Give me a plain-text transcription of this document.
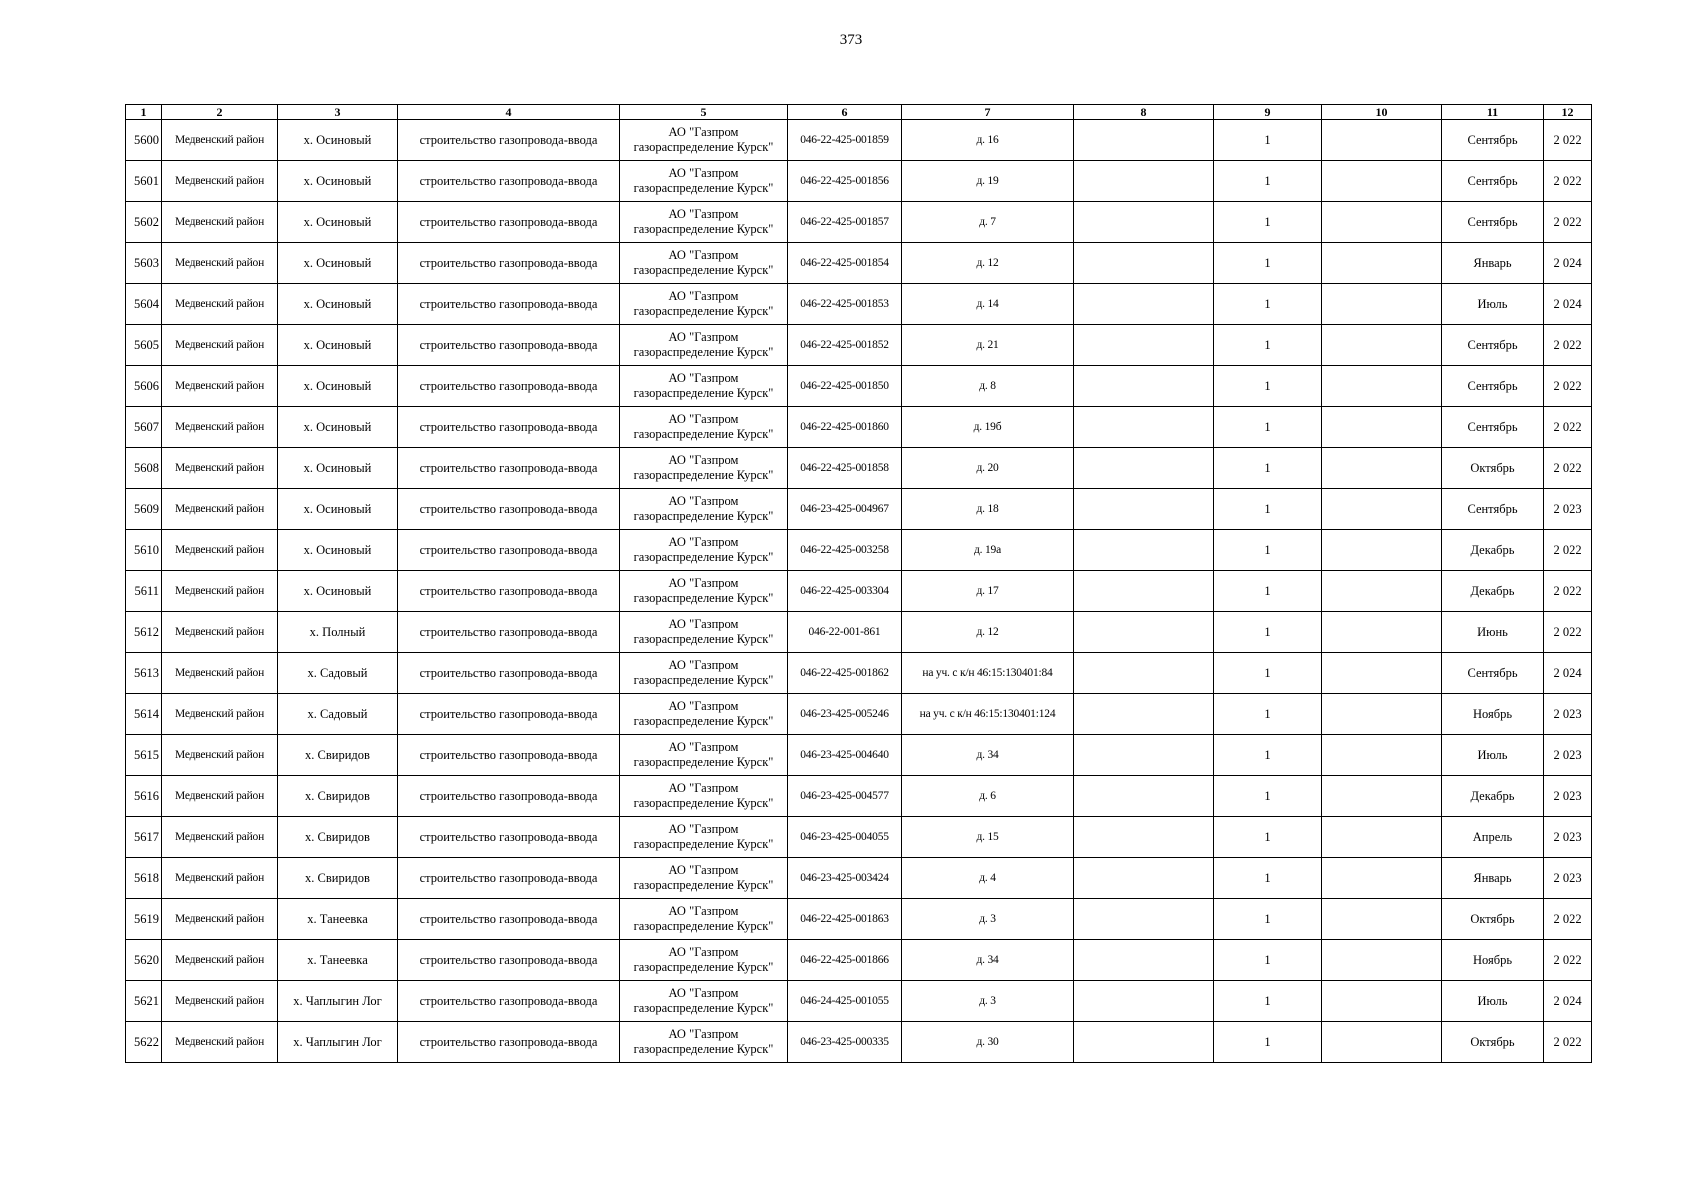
373
1	2	3	4	5	6	7	8	9	10	11	12
5600	Медвенский район	х. Осиновый	строительство газопровода-ввода	АО "Газпром
газораспределение Курск"	046-22-425-001859	д. 16		1		Сентябрь	2 022
5601	Медвенский район	х. Осиновый	строительство газопровода-ввода	АО "Газпром
газораспределение Курск"	046-22-425-001856	д. 19		1		Сентябрь	2 022
5602	Медвенский район	х. Осиновый	строительство газопровода-ввода	АО "Газпром
газораспределение Курск"	046-22-425-001857	д. 7		1		Сентябрь	2 022
5603	Медвенский район	х. Осиновый	строительство газопровода-ввода	АО "Газпром
газораспределение Курск"	046-22-425-001854	д. 12		1		Январь	2 024
5604	Медвенский район	х. Осиновый	строительство газопровода-ввода	АО "Газпром
газораспределение Курск"	046-22-425-001853	д. 14		1		Июль	2 024
5605	Медвенский район	х. Осиновый	строительство газопровода-ввода	АО "Газпром
газораспределение Курск"	046-22-425-001852	д. 21		1		Сентябрь	2 022
5606	Медвенский район	х. Осиновый	строительство газопровода-ввода	АО "Газпром
газораспределение Курск"	046-22-425-001850	д. 8		1		Сентябрь	2 022
5607	Медвенский район	х. Осиновый	строительство газопровода-ввода	АО "Газпром
газораспределение Курск"	046-22-425-001860	д. 19б		1		Сентябрь	2 022
5608	Медвенский район	х. Осиновый	строительство газопровода-ввода	АО "Газпром
газораспределение Курск"	046-22-425-001858	д. 20		1		Октябрь	2 022
5609	Медвенский район	х. Осиновый	строительство газопровода-ввода	АО "Газпром
газораспределение Курск"	046-23-425-004967	д. 18		1		Сентябрь	2 023
5610	Медвенский район	х. Осиновый	строительство газопровода-ввода	АО "Газпром
газораспределение Курск"	046-22-425-003258	д. 19а		1		Декабрь	2 022
5611	Медвенский район	х. Осиновый	строительство газопровода-ввода	АО "Газпром
газораспределение Курск"	046-22-425-003304	д. 17		1		Декабрь	2 022
5612	Медвенский район	х. Полный	строительство газопровода-ввода	АО "Газпром
газораспределение Курск"	046-22-001-861	д. 12		1		Июнь	2 022
5613	Медвенский район	х. Садовый	строительство газопровода-ввода	АО "Газпром
газораспределение Курск"	046-22-425-001862	на уч. с к/н 46:15:130401:84		1		Сентябрь	2 024
5614	Медвенский район	х. Садовый	строительство газопровода-ввода	АО "Газпром
газораспределение Курск"	046-23-425-005246	на уч. с к/н 46:15:130401:124		1		Ноябрь	2 023
5615	Медвенский район	х. Свиридов	строительство газопровода-ввода	АО "Газпром
газораспределение Курск"	046-23-425-004640	д. 34		1		Июль	2 023
5616	Медвенский район	х. Свиридов	строительство газопровода-ввода	АО "Газпром
газораспределение Курск"	046-23-425-004577	д. 6		1		Декабрь	2 023
5617	Медвенский район	х. Свиридов	строительство газопровода-ввода	АО "Газпром
газораспределение Курск"	046-23-425-004055	д. 15		1		Апрель	2 023
5618	Медвенский район	х. Свиридов	строительство газопровода-ввода	АО "Газпром
газораспределение Курск"	046-23-425-003424	д. 4		1		Январь	2 023
5619	Медвенский район	х. Танеевка	строительство газопровода-ввода	АО "Газпром
газораспределение Курск"	046-22-425-001863	д. 3		1		Октябрь	2 022
5620	Медвенский район	х. Танеевка	строительство газопровода-ввода	АО "Газпром
газораспределение Курск"	046-22-425-001866	д. 34		1		Ноябрь	2 022
5621	Медвенский район	х. Чаплыгин Лог	строительство газопровода-ввода	АО "Газпром
газораспределение Курск"	046-24-425-001055	д. 3		1		Июль	2 024
5622	Медвенский район	х. Чаплыгин Лог	строительство газопровода-ввода	АО "Газпром
газораспределение Курск"	046-23-425-000335	д. 30		1		Октябрь	2 022
